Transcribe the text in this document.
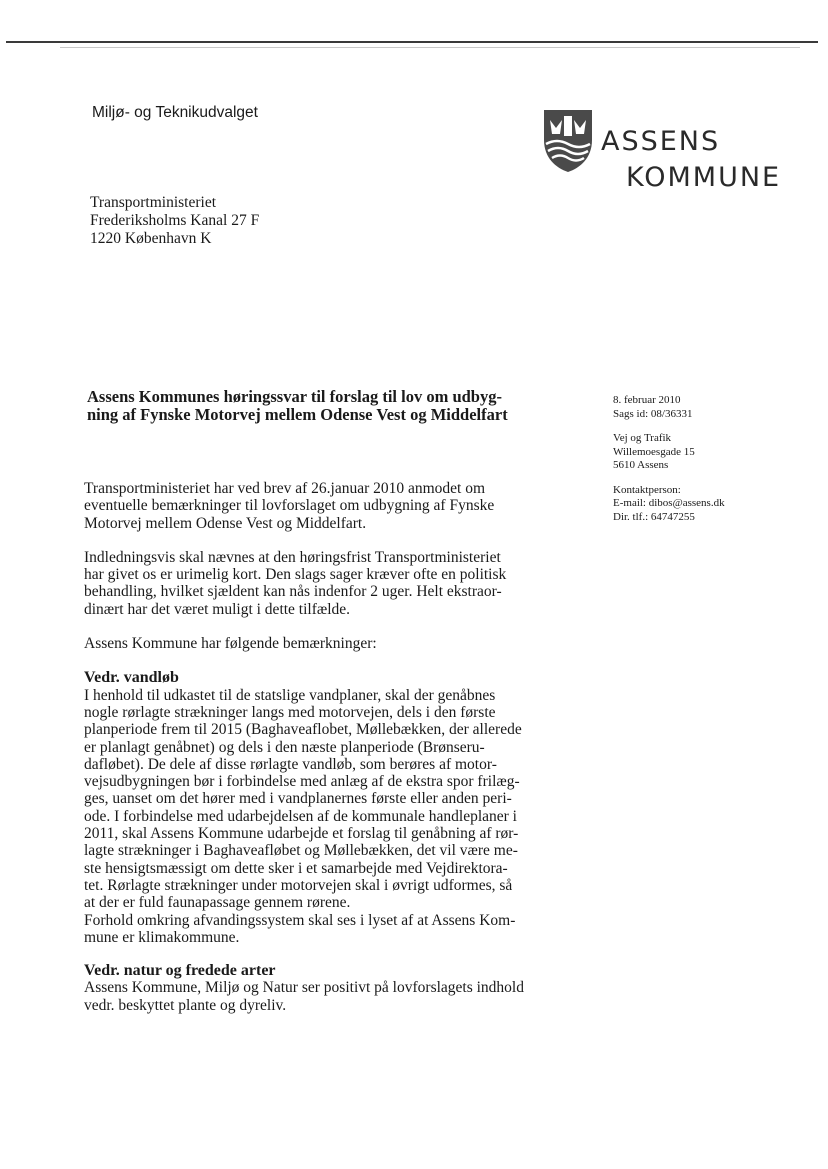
Miljø- og Teknikudvalget
ASSENS
KOMMUNE
Transportministeriet
Frederiksholms Kanal 27 F
1220 København K
Assens Kommunes høringssvar til forslag til lov om udbyg-
ning af Fynske Motorvej mellem Odense Vest og Middelfart
8. februar 2010
Sags id: 08/36331
Vej og Trafik
Willemoesgade 15
5610 Assens
Kontaktperson:
E-mail: dibos@assens.dk
Dir. tlf.: 64747255
Transportministeriet har ved brev af 26.januar 2010 anmodet om
eventuelle bemærkninger til lovforslaget om udbygning af Fynske
Motorvej mellem Odense Vest og Middelfart.
Indledningsvis skal nævnes at den høringsfrist Transportministeriet
har givet os er urimelig kort. Den slags sager kræver ofte en politisk
behandling, hvilket sjældent kan nås indenfor 2 uger. Helt ekstraor-
dinært har det været muligt i dette tilfælde.
Assens Kommune har følgende bemærkninger:
Vedr. vandløb
I henhold til udkastet til de statslige vandplaner, skal der genåbnes
nogle rørlagte strækninger langs med motorvejen, dels i den første
planperiode frem til 2015 (Baghaveaflobet, Møllebækken, der allerede
er planlagt genåbnet) og dels i den næste planperiode (Brønseru-
dafløbet). De dele af disse rørlagte vandløb, som berøres af motor-
vejsudbygningen bør i forbindelse med anlæg af de ekstra spor frilæg-
ges, uanset om det hører med i vandplanernes første eller anden peri-
ode. I forbindelse med udarbejdelsen af de kommunale handleplaner i
2011, skal Assens Kommune udarbejde et forslag til genåbning af rør-
lagte strækninger i Baghaveafløbet og Møllebækken, det vil være me-
ste hensigtsmæssigt om dette sker i et samarbejde med Vejdirektora-
tet. Rørlagte strækninger under motorvejen skal i øvrigt udformes, så
at der er fuld faunapassage gennem rørene.
Forhold omkring afvandingssystem skal ses i lyset af at Assens Kom-
mune er klimakommune.
Vedr. natur og fredede arter
Assens Kommune, Miljø og Natur ser positivt på lovforslagets indhold
vedr. beskyttet plante og dyreliv.
